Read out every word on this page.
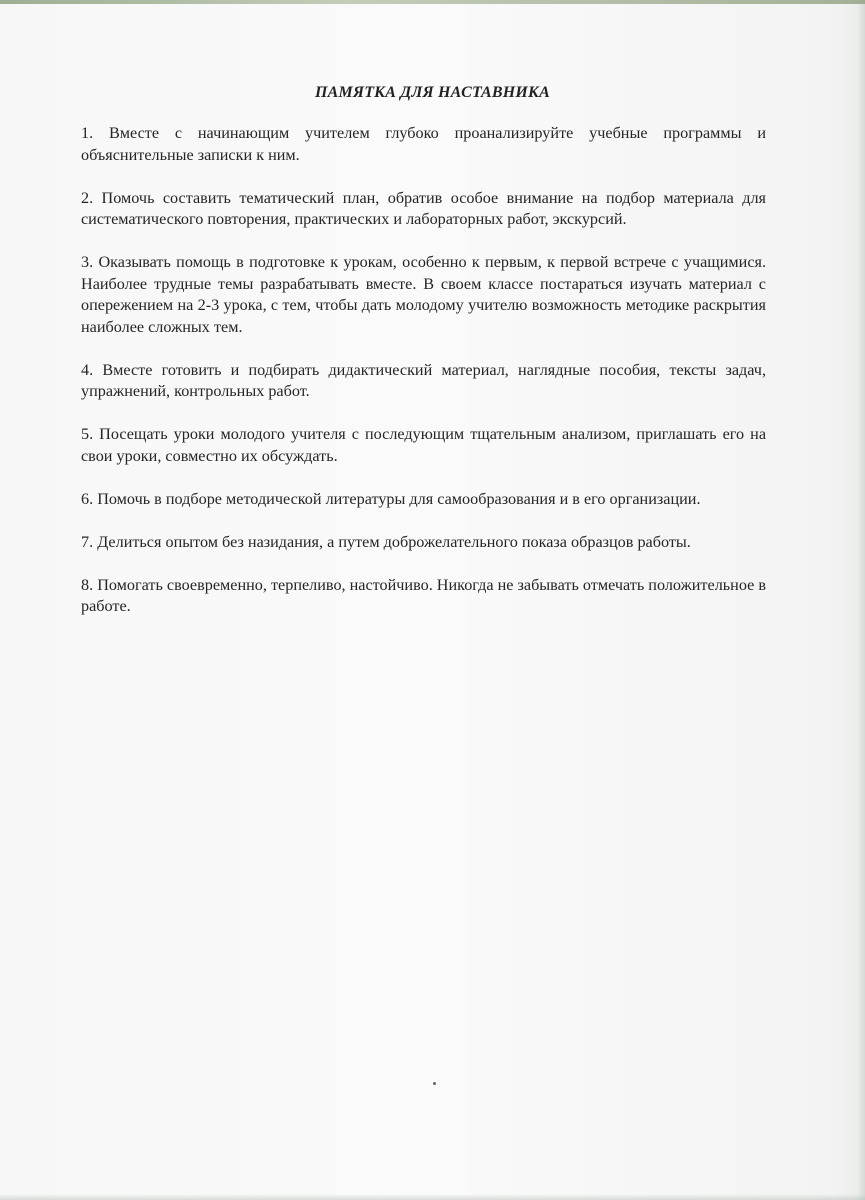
ПАМЯТКА ДЛЯ НАСТАВНИКА

1. Вместе с начинающим учителем глубоко проанализируйте учебные программы и объяснительные записки к ним.

2. Помочь составить тематический план, обратив особое внимание на подбор материала для систематического повторения, практических и лабораторных работ, экскурсий.

3. Оказывать помощь в подготовке к урокам, особенно к первым, к первой встрече с учащимися. Наиболее трудные темы разрабатывать вместе. В своем классе постараться изучать материал с опережением на 2-3 урока, с тем, чтобы дать молодому учителю возможность методике раскрытия наиболее сложных тем.

4. Вместе готовить и подбирать дидактический материал, наглядные пособия, тексты задач, упражнений, контрольных работ.

5. Посещать уроки молодого учителя с последующим тщательным анализом, приглашать его на свои уроки, совместно их обсуждать.

6. Помочь в подборе методической литературы для самообразования и в его организации.

7. Делиться опытом без назидания, а путем доброжелательного показа образцов работы.

8. Помогать своевременно, терпеливо, настойчиво. Никогда не забывать отмечать положительное в работе.
